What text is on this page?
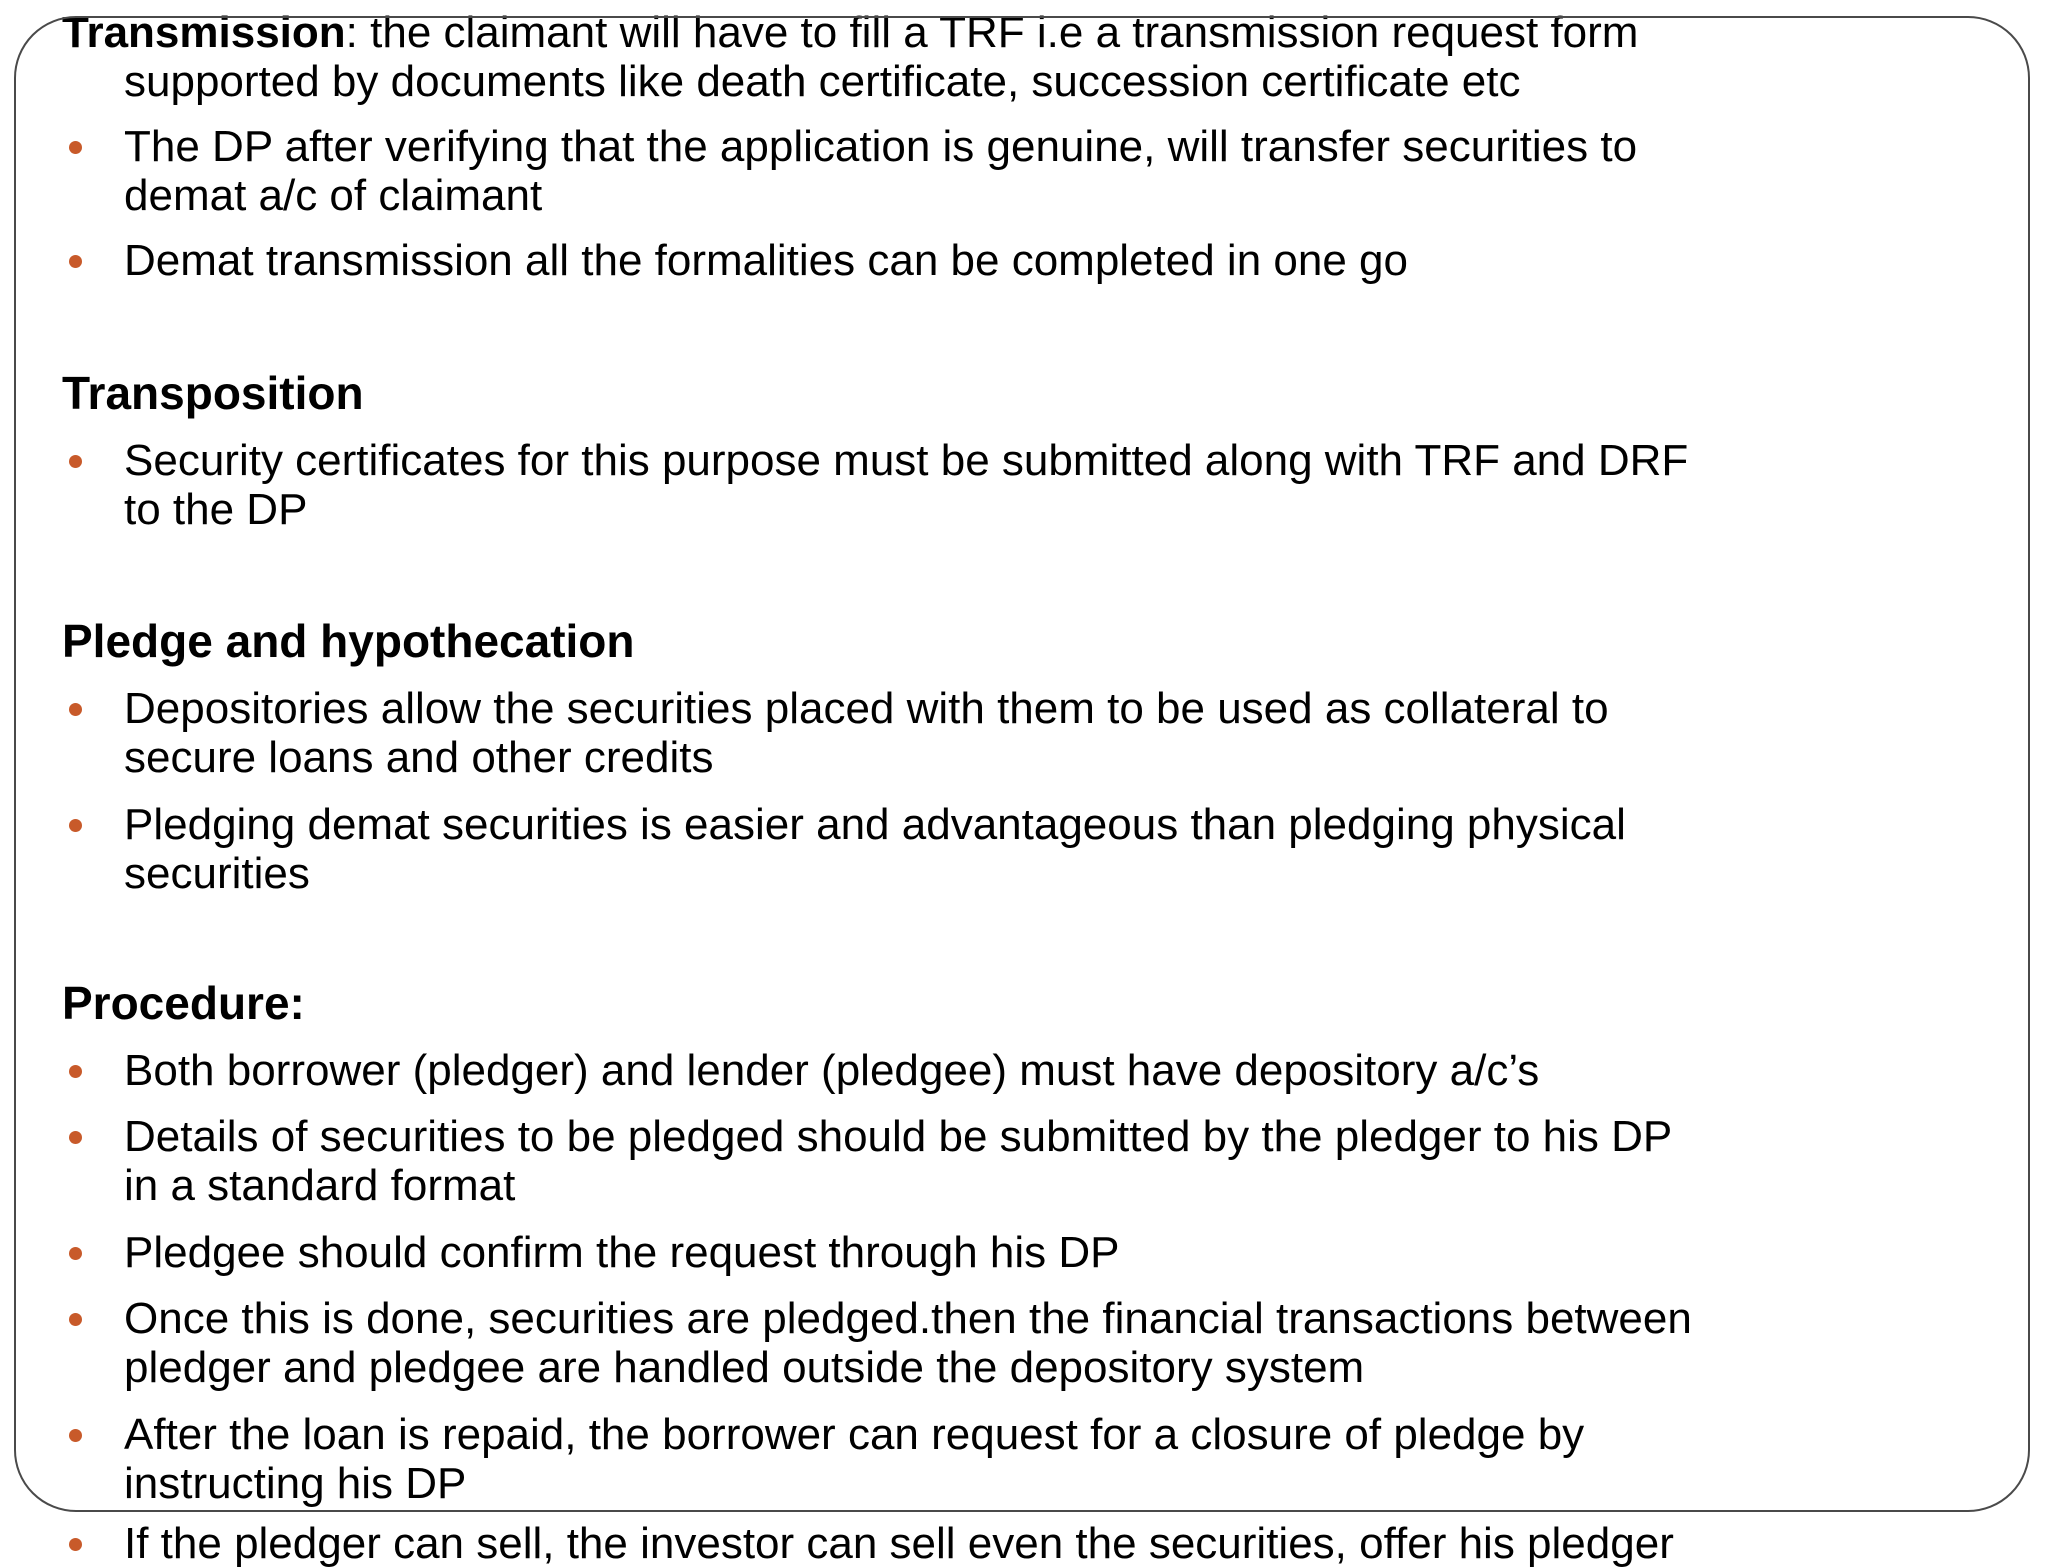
Transmission: the claimant will have to fill a TRF i.e a transmission request form
supported by documents like death certificate, succession certificate etc
The DP after verifying that the application is genuine, will transfer securities to
demat a/c of claimant
Demat transmission all the formalities can be completed in one go
Transposition
Security certificates for this purpose must be submitted along with TRF and DRF
to the DP
Pledge and hypothecation
Depositories allow the securities placed with them to be used as collateral to
secure loans and other credits
Pledging demat securities is easier and advantageous than pledging physical
securities
Procedure:
Both borrower (pledger) and lender (pledgee) must have depository a/c’s
Details of securities to be pledged should be submitted by the pledger to his DP
in a standard format
Pledgee should confirm the request through his DP
Once this is done, securities are pledged.then the financial transactions between
pledger and pledgee are handled outside the depository system
After the loan is repaid, the borrower can request for a closure of pledge by
instructing his DP
If the pledger can sell, the investor can sell even the securities, offer his pledger
